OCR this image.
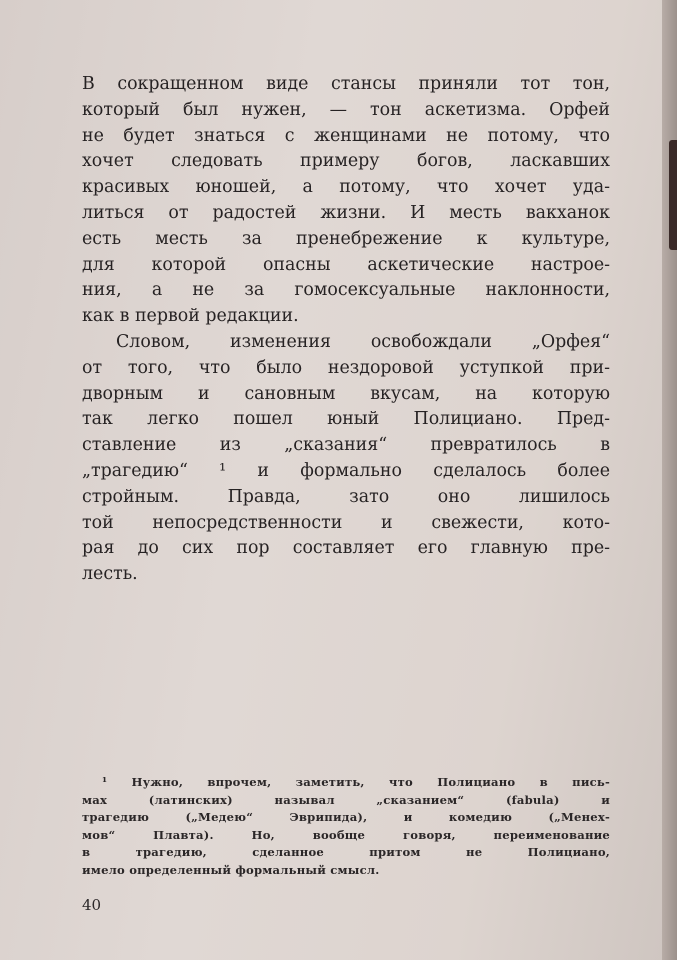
В сокращенном виде стансы приняли тот тон,
который был нужен, — тон аскетизма. Орфей
не будет знаться с женщинами не потому, что
хочет следовать примеру богов, ласкавших
красивых юношей, а потому, что хочет уда-
литься от радостей жизни. И месть вакханок
есть месть за пренебрежение к культуре,
для которой опасны аскетические настрое-
ния, а не за гомосексуальные наклонности,
как в первой редакции.
Словом, изменения освобождали „Орфея“
от того, что было нездоровой уступкой при-
дворным и сановным вкусам, на которую
так легко пошел юный Полициано. Пред-
ставление из „сказания“ превратилось в
„трагедию“ ¹ и формально сделалось более
стройным. Правда, зато оно лишилось
той непосредственности и свежести, кото-
рая до сих пор составляет его главную пре-
лесть.
¹ Нужно, впрочем, заметить, что Полициано в пись-
мах (латинских) называл „сказанием“ (fabula) и
трагедию („Медею“ Эврипида), и комедию („Менех-
мов“ Плавта). Но, вообще говоря, переименование
в трагедию, сделанное притом не Полициано,
имело определенный формальный смысл.
40
